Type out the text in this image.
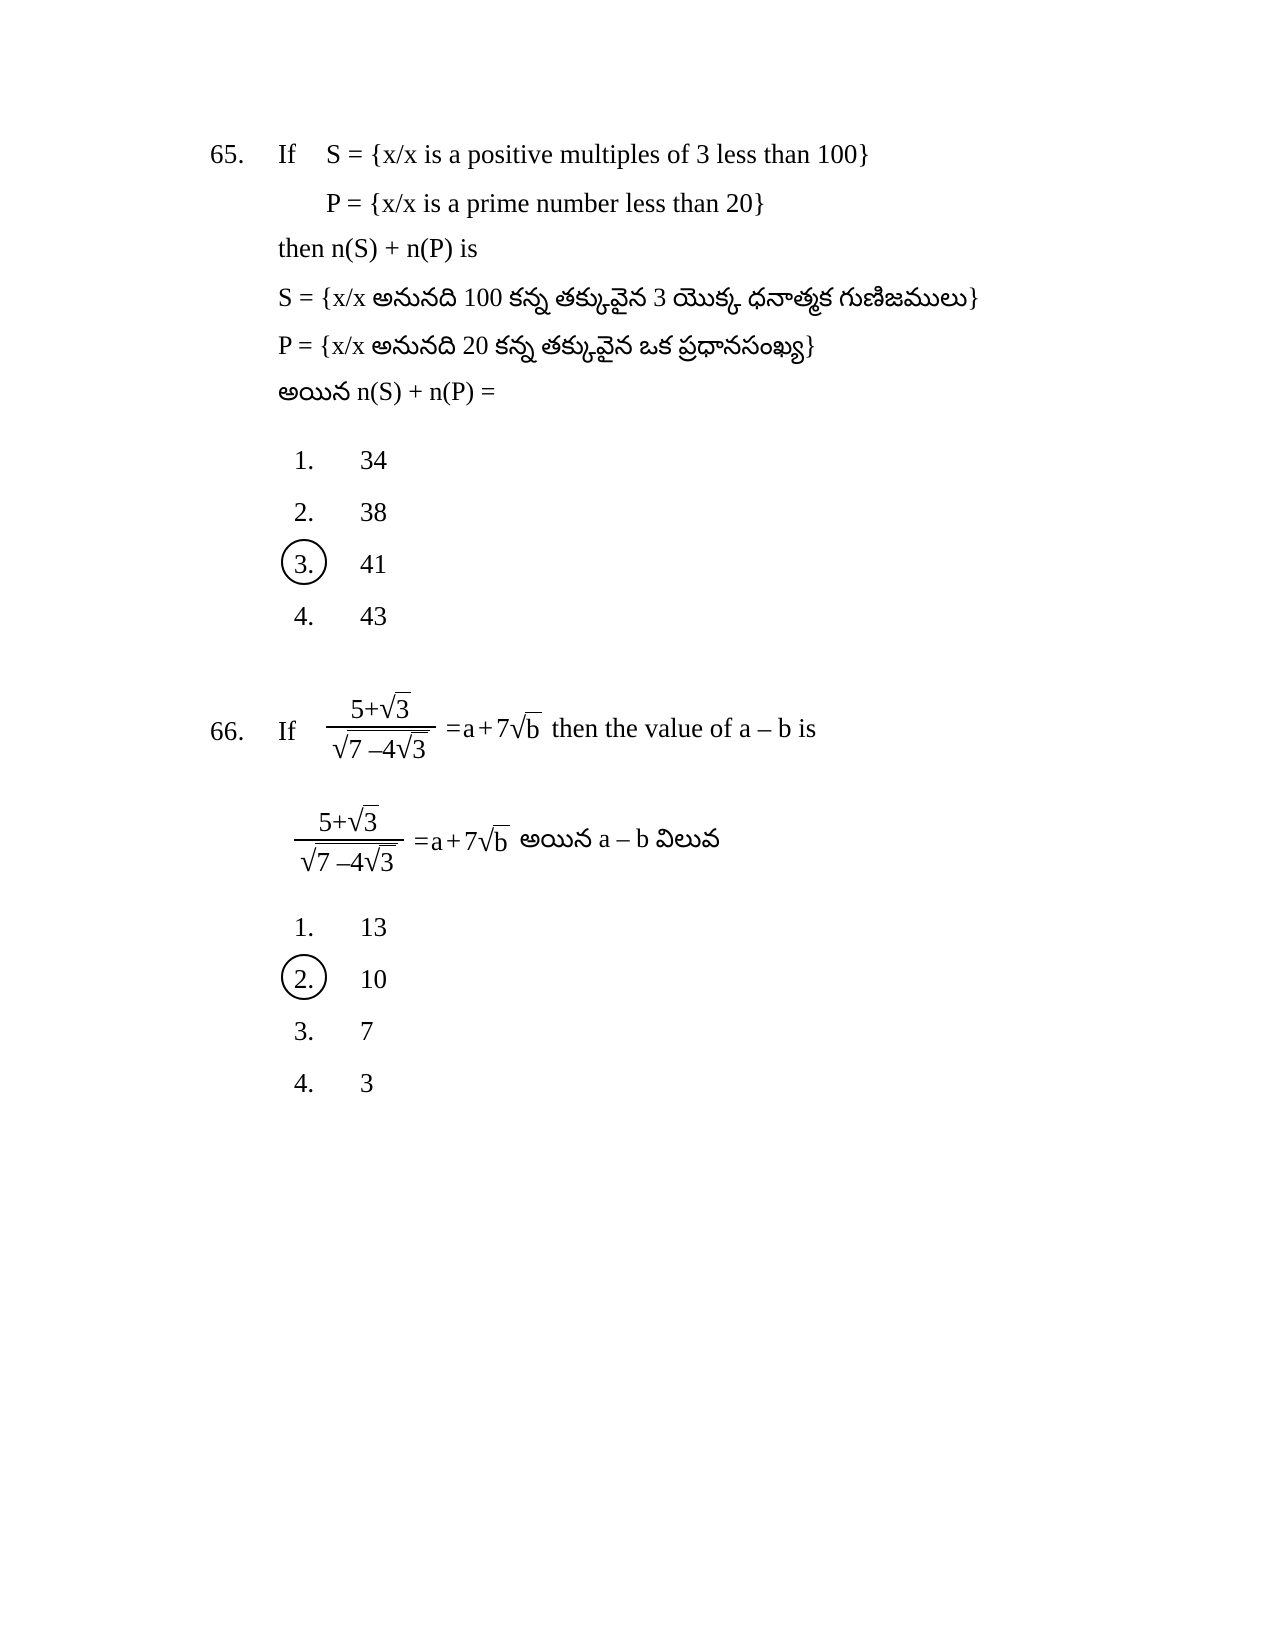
65. If S = {x/x is a positive multiples of 3 less than 100}
P = {x/x is a prime number less than 20}
then n(S) + n(P) is
S = {x/x అనునది 100 కన్న తక్కువైన 3 యొక్క ధనాత్మక గుణిజములు}
P = {x/x అనునది 20 కన్న తక్కువైన ఒక ప్రధానసంఖ్య}
అయిన n(S) + n(P) =
1.	34
2.	38
3.	41
4.	43
66. If $\frac{5+ √ 3}{√ 7 -4 √ 3} = a + 7$ √ b then the value of a – b is
$\frac{5+ √ 3}{√ 7 -4 √ 3} = a + 7$ √ b అయిన a – b విలువ
1.	13
2.	10
3.	7
4.	3
